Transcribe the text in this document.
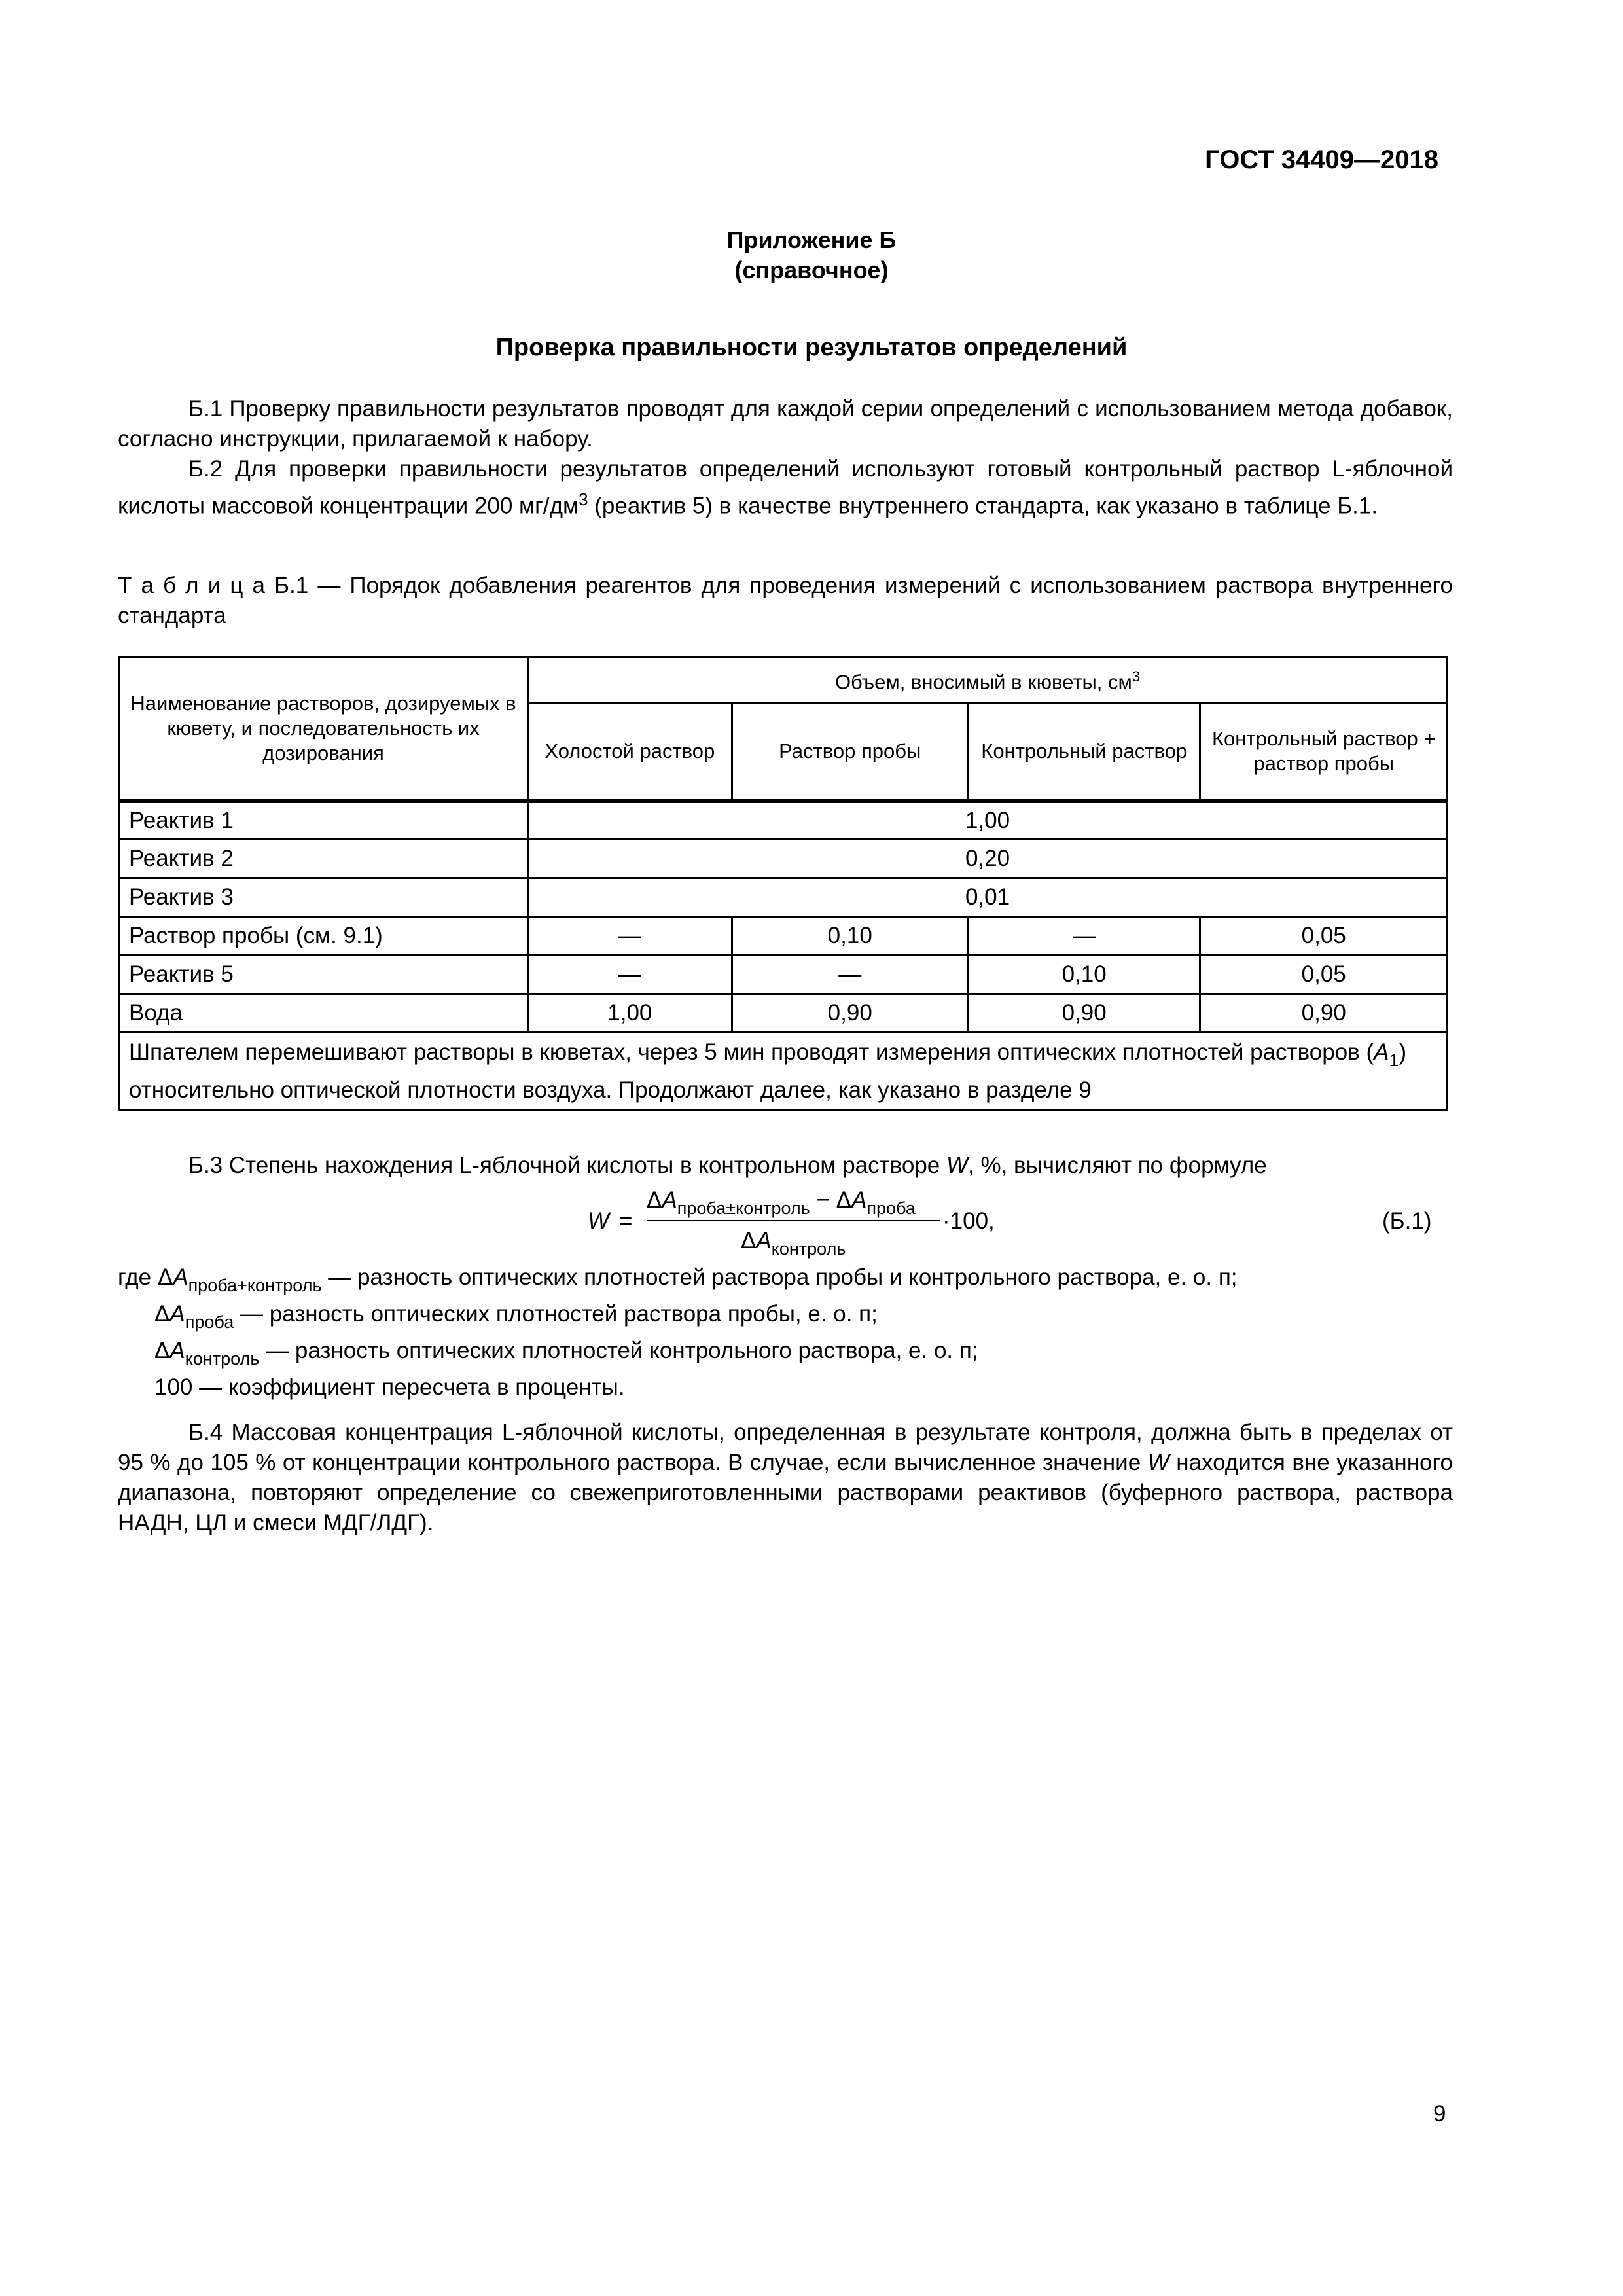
ГОСТ 34409—2018
Приложение Б
(справочное)
Проверка правильности результатов определений

Б.1 Проверку правильности результатов проводят для каждой серии определений с использованием метода добавок, согласно инструкции, прилагаемой к набору.

Б.2 Для проверки правильности результатов определений используют готовый контрольный раствор L-яблочной кислоты массовой концентрации 200 $мг/дм^3$ (реактив 5) в качестве внутреннего стандарта, как указано в таблице Б.1.

Т а б л и ц а Б.1 — Порядок добавления реагентов для проведения измерений с использованием раствора внутреннего стандарта

Наименование растворов, дозируемых в кювету, и последовательность их дозирования	Объем, вносимый в кюветы, $см^3$
	Холостой раствор	Раствор пробы	Контрольный раствор	Контрольный раствор + раствор пробы
Реактив 1	1,00			
Реактив 2	0,20			
Реактив 3	0,01			
Раствор пробы (см. 9.1)	—	0,10	—	0,05
Реактив 5	—	—	0,10	0,05
Вода	1,00	0,90	0,90	0,90
Шпателем перемешивают растворы в кюветах, через 5 мин проводят измерения оптических плотностей растворов $(A_1)$ относительно оптической плотности воздуха. Продолжают далее, как указано в разделе 9				

Б.3 Степень нахождения L-яблочной кислоты в контрольном растворе W, %, вычисляют по формуле

W =
$\Delta A_{проба\pm контроль} - \Delta A_{проба}$
$\Delta A_{контроль}$
·100,	(Б.1)
где $\Delta A_{проба+контроль}$ — разность оптических плотностей раствора пробы и контрольного раствора, е. о. п;
$\Delta A_{проба}$ — разность оптических плотностей раствора пробы, е. о. п;
$\Delta A_{контроль}$ — разность оптических плотностей контрольного раствора, е. о. п;
100 — коэффициент пересчета в проценты.

Б.4 Массовая концентрация L-яблочной кислоты, определенная в результате контроля, должна быть в пределах от 95 % до 105 % от концентрации контрольного раствора. В случае, если вычисленное значение W находится вне указанного диапазона, повторяют определение со свежеприготовленными растворами реактивов (буферного раствора, раствора НАДН, ЦЛ и смеси МДГ/ЛДГ).

9
